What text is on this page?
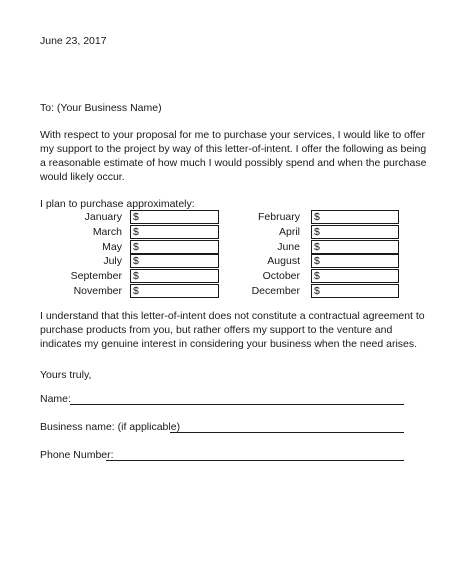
June 23, 2017
To: (Your Business Name)
With respect to your proposal for me to purchase your services, I would like to offer
my support to the project by way of this letter-of-intent. I offer the following as being
a reasonable estimate of how much I would possibly spend and when the purchase
would likely occur.
I plan to purchase approximately:
January $
March $
May $
July $
September $
November $
February $
April $
June $
August $
October $
December $
I understand that this letter-of-intent does not constitute a contractual agreement to
purchase products from you, but rather offers my support to the venture and
indicates my genuine interest in considering your business when the need arises.
Yours truly,
Name:
Business name: (if applicable)
Phone Number:
